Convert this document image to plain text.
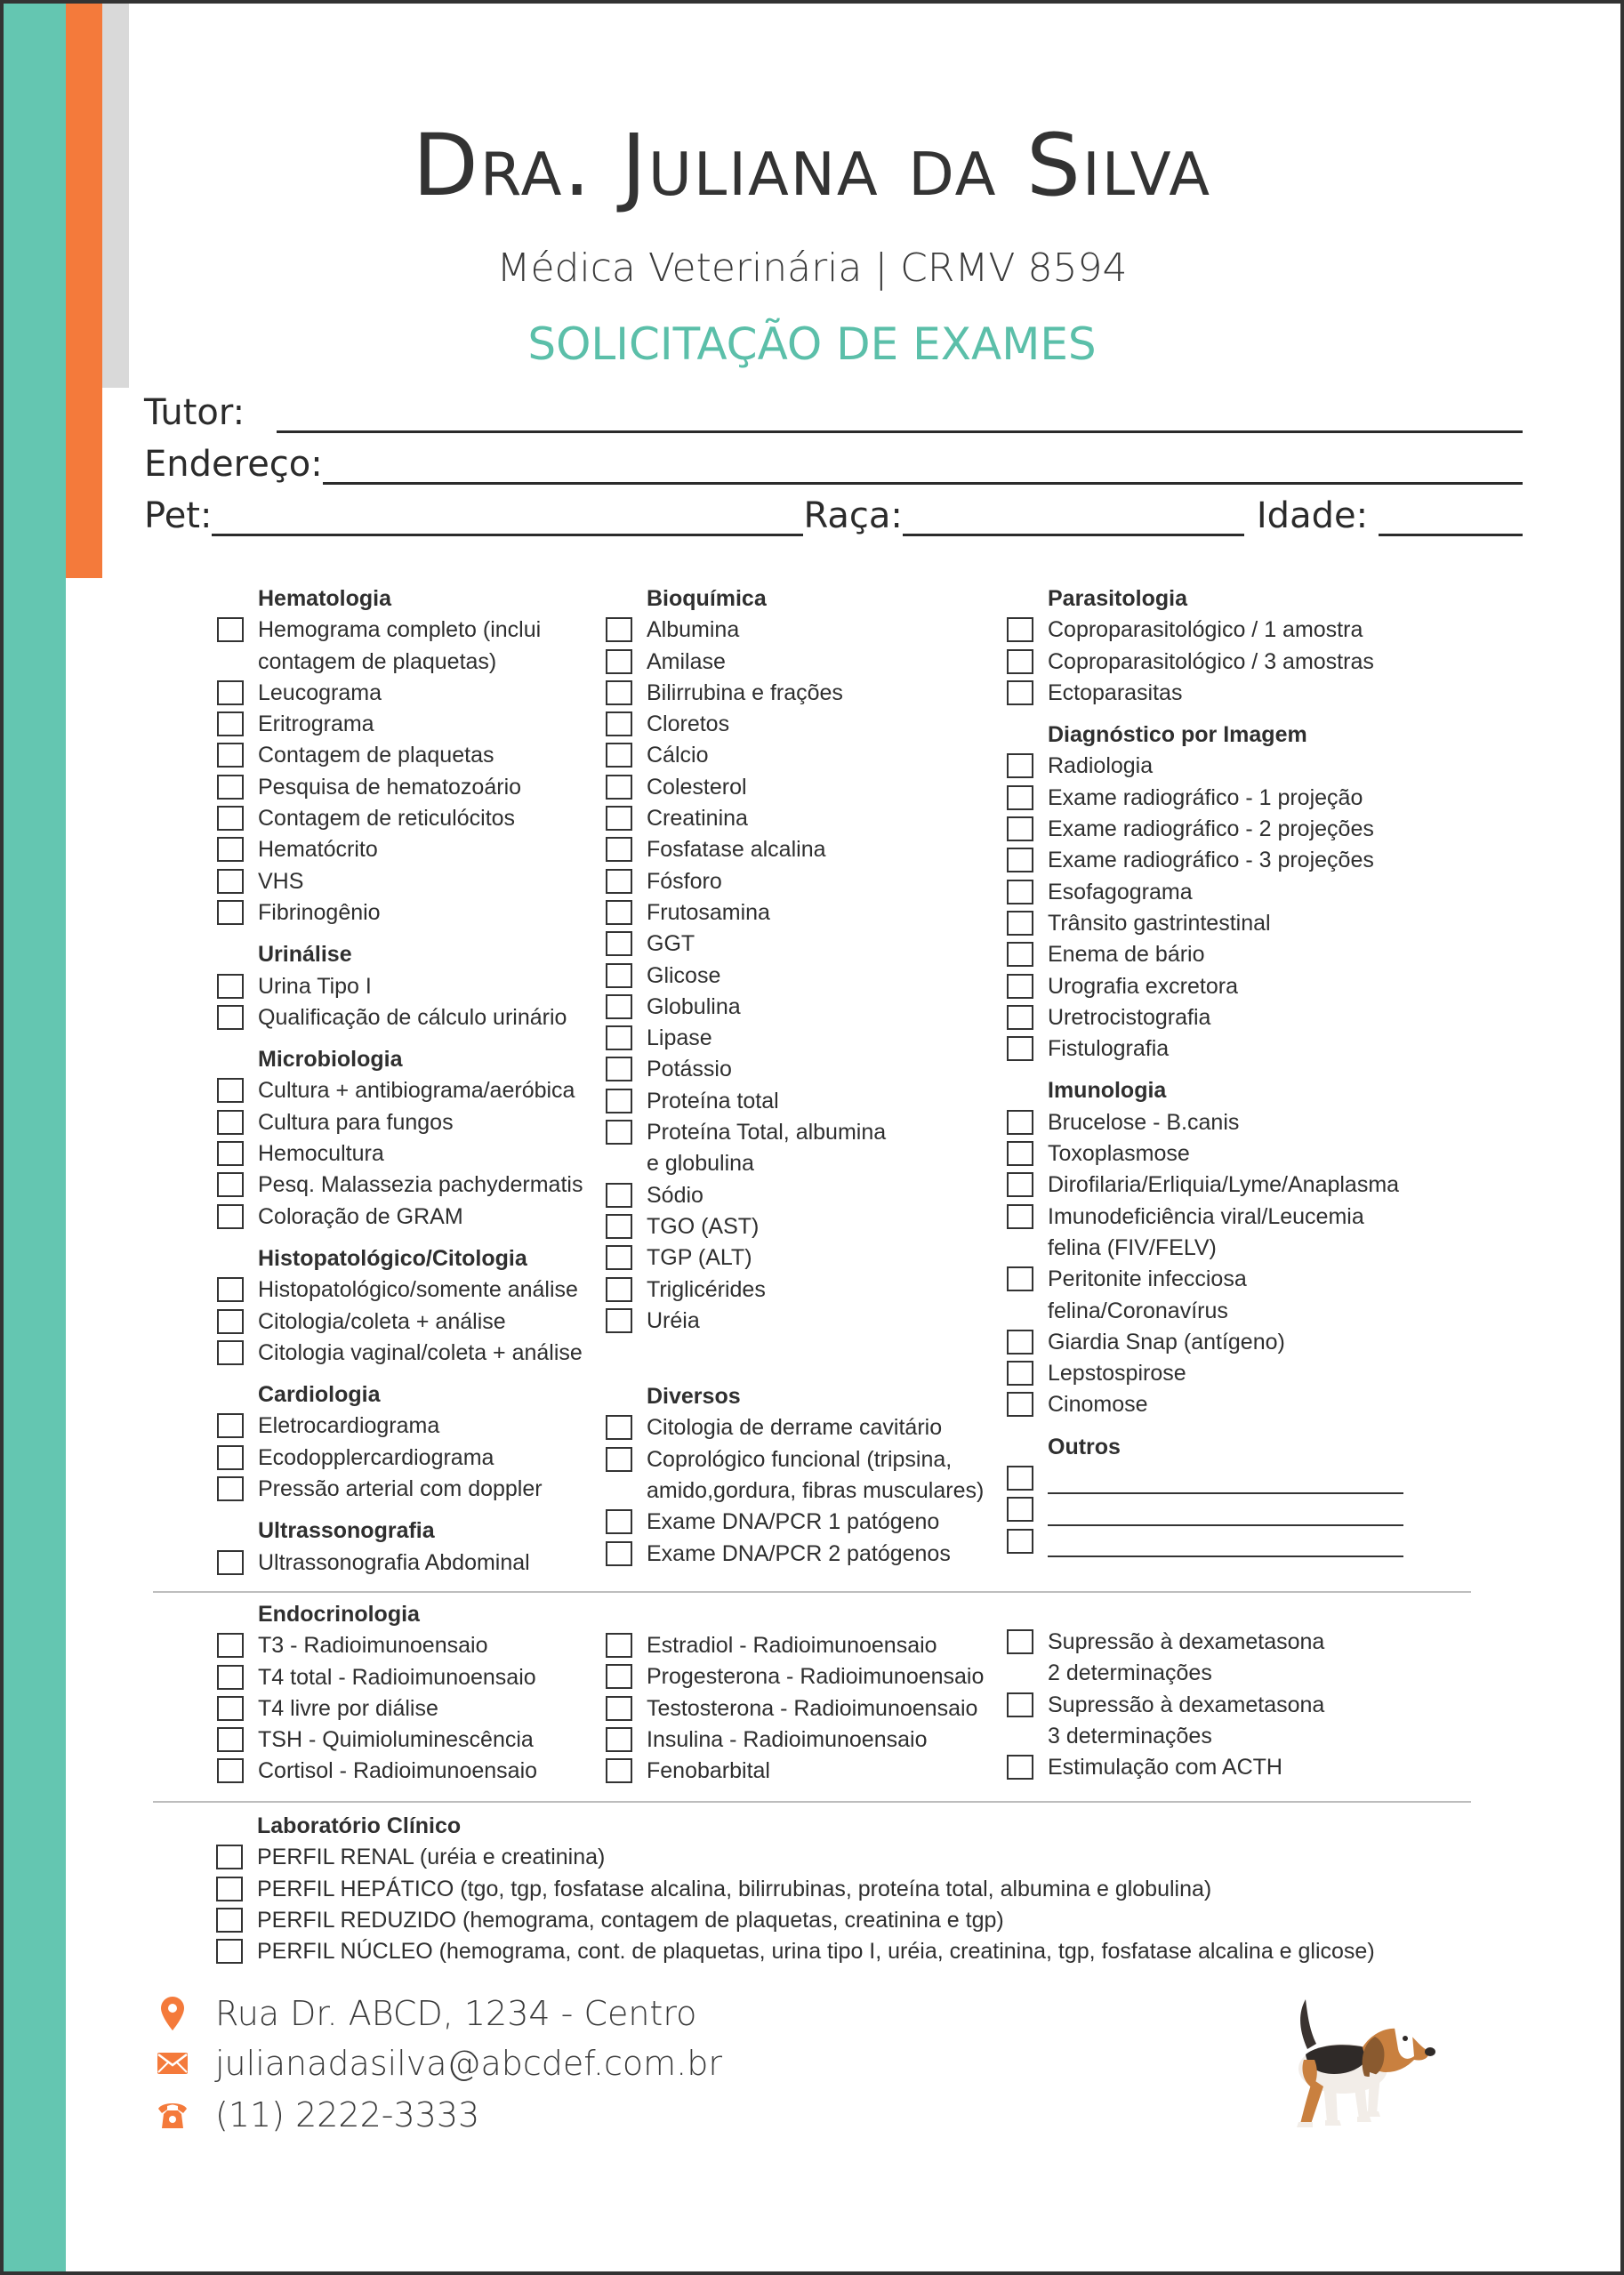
Dra. Juliana da Silva
Médica Veterinária | CRMV 8594
SOLICITAÇÃO DE EXAMES
Tutor:
Endereço:
Pet:	Raça:	Idade:
Hematologia
Hemograma completo (inclui
contagem de plaquetas)
Leucograma
Eritrograma
Contagem de plaquetas
Pesquisa de hematozoário
Contagem de reticulócitos
Hematócrito
VHS
Fibrinogênio
Urinálise
Urina Tipo I
Qualificação de cálculo urinário
Microbiologia
Cultura + antibiograma/aeróbica
Cultura para fungos
Hemocultura
Pesq. Malassezia pachydermatis
Coloração de GRAM
Histopatológico/Citologia
Histopatológico/somente análise
Citologia/coleta + análise
Citologia vaginal/coleta + análise
Cardiologia
Eletrocardiograma
Ecodopplercardiograma
Pressão arterial com doppler
Ultrassonografia
Ultrassonografia Abdominal
Bioquímica
Albumina
Amilase
Bilirrubina e frações
Cloretos
Cálcio
Colesterol
Creatinina
Fosfatase alcalina
Fósforo
Frutosamina
GGT
Glicose
Globulina
Lipase
Potássio
Proteína total
Proteína Total, albumina
e globulina
Sódio
TGO (AST)
TGP (ALT)
Triglicérides
Uréia
Diversos
Citologia de derrame cavitário
Coprológico funcional (tripsina,
amido,gordura, fibras musculares)
Exame DNA/PCR 1 patógeno
Exame DNA/PCR 2 patógenos
Parasitologia
Coproparasitológico / 1 amostra
Coproparasitológico / 3 amostras
Ectoparasitas
Diagnóstico por Imagem
Radiologia
Exame radiográfico - 1 projeção
Exame radiográfico - 2 projeções
Exame radiográfico - 3 projeções
Esofagograma
Trânsito gastrintestinal
Enema de bário
Urografia excretora
Uretrocistografia
Fistulografia
Imunologia
Brucelose - B.canis
Toxoplasmose
Dirofilaria/Erliquia/Lyme/Anaplasma
Imunodeficiência viral/Leucemia
felina (FIV/FELV)
Peritonite infecciosa
felina/Coronavírus
Giardia Snap (antígeno)
Lepstospirose
Cinomose
Outros
Endocrinologia
T3 - Radioimunoensaio
T4 total - Radioimunoensaio
T4 livre por diálise
TSH - Quimioluminescência
Cortisol - Radioimunoensaio
Estradiol - Radioimunoensaio
Progesterona - Radioimunoensaio
Testosterona - Radioimunoensaio
Insulina - Radioimunoensaio
Fenobarbital
Supressão à dexametasona
2 determinações
Supressão à dexametasona
3 determinações
Estimulação com ACTH
Laboratório Clínico
PERFIL RENAL (uréia e creatinina)
PERFIL HEPÁTICO (tgo, tgp, fosfatase alcalina, bilirrubinas, proteína total, albumina e globulina)
PERFIL REDUZIDO (hemograma, contagem de plaquetas, creatinina e tgp)
PERFIL NÚCLEO (hemograma, cont. de plaquetas, urina tipo I, uréia, creatinina, tgp, fosfatase alcalina e glicose)
Rua Dr. ABCD, 1234 - Centro
julianadasilva@abcdef.com.br
(11) 2222-3333
